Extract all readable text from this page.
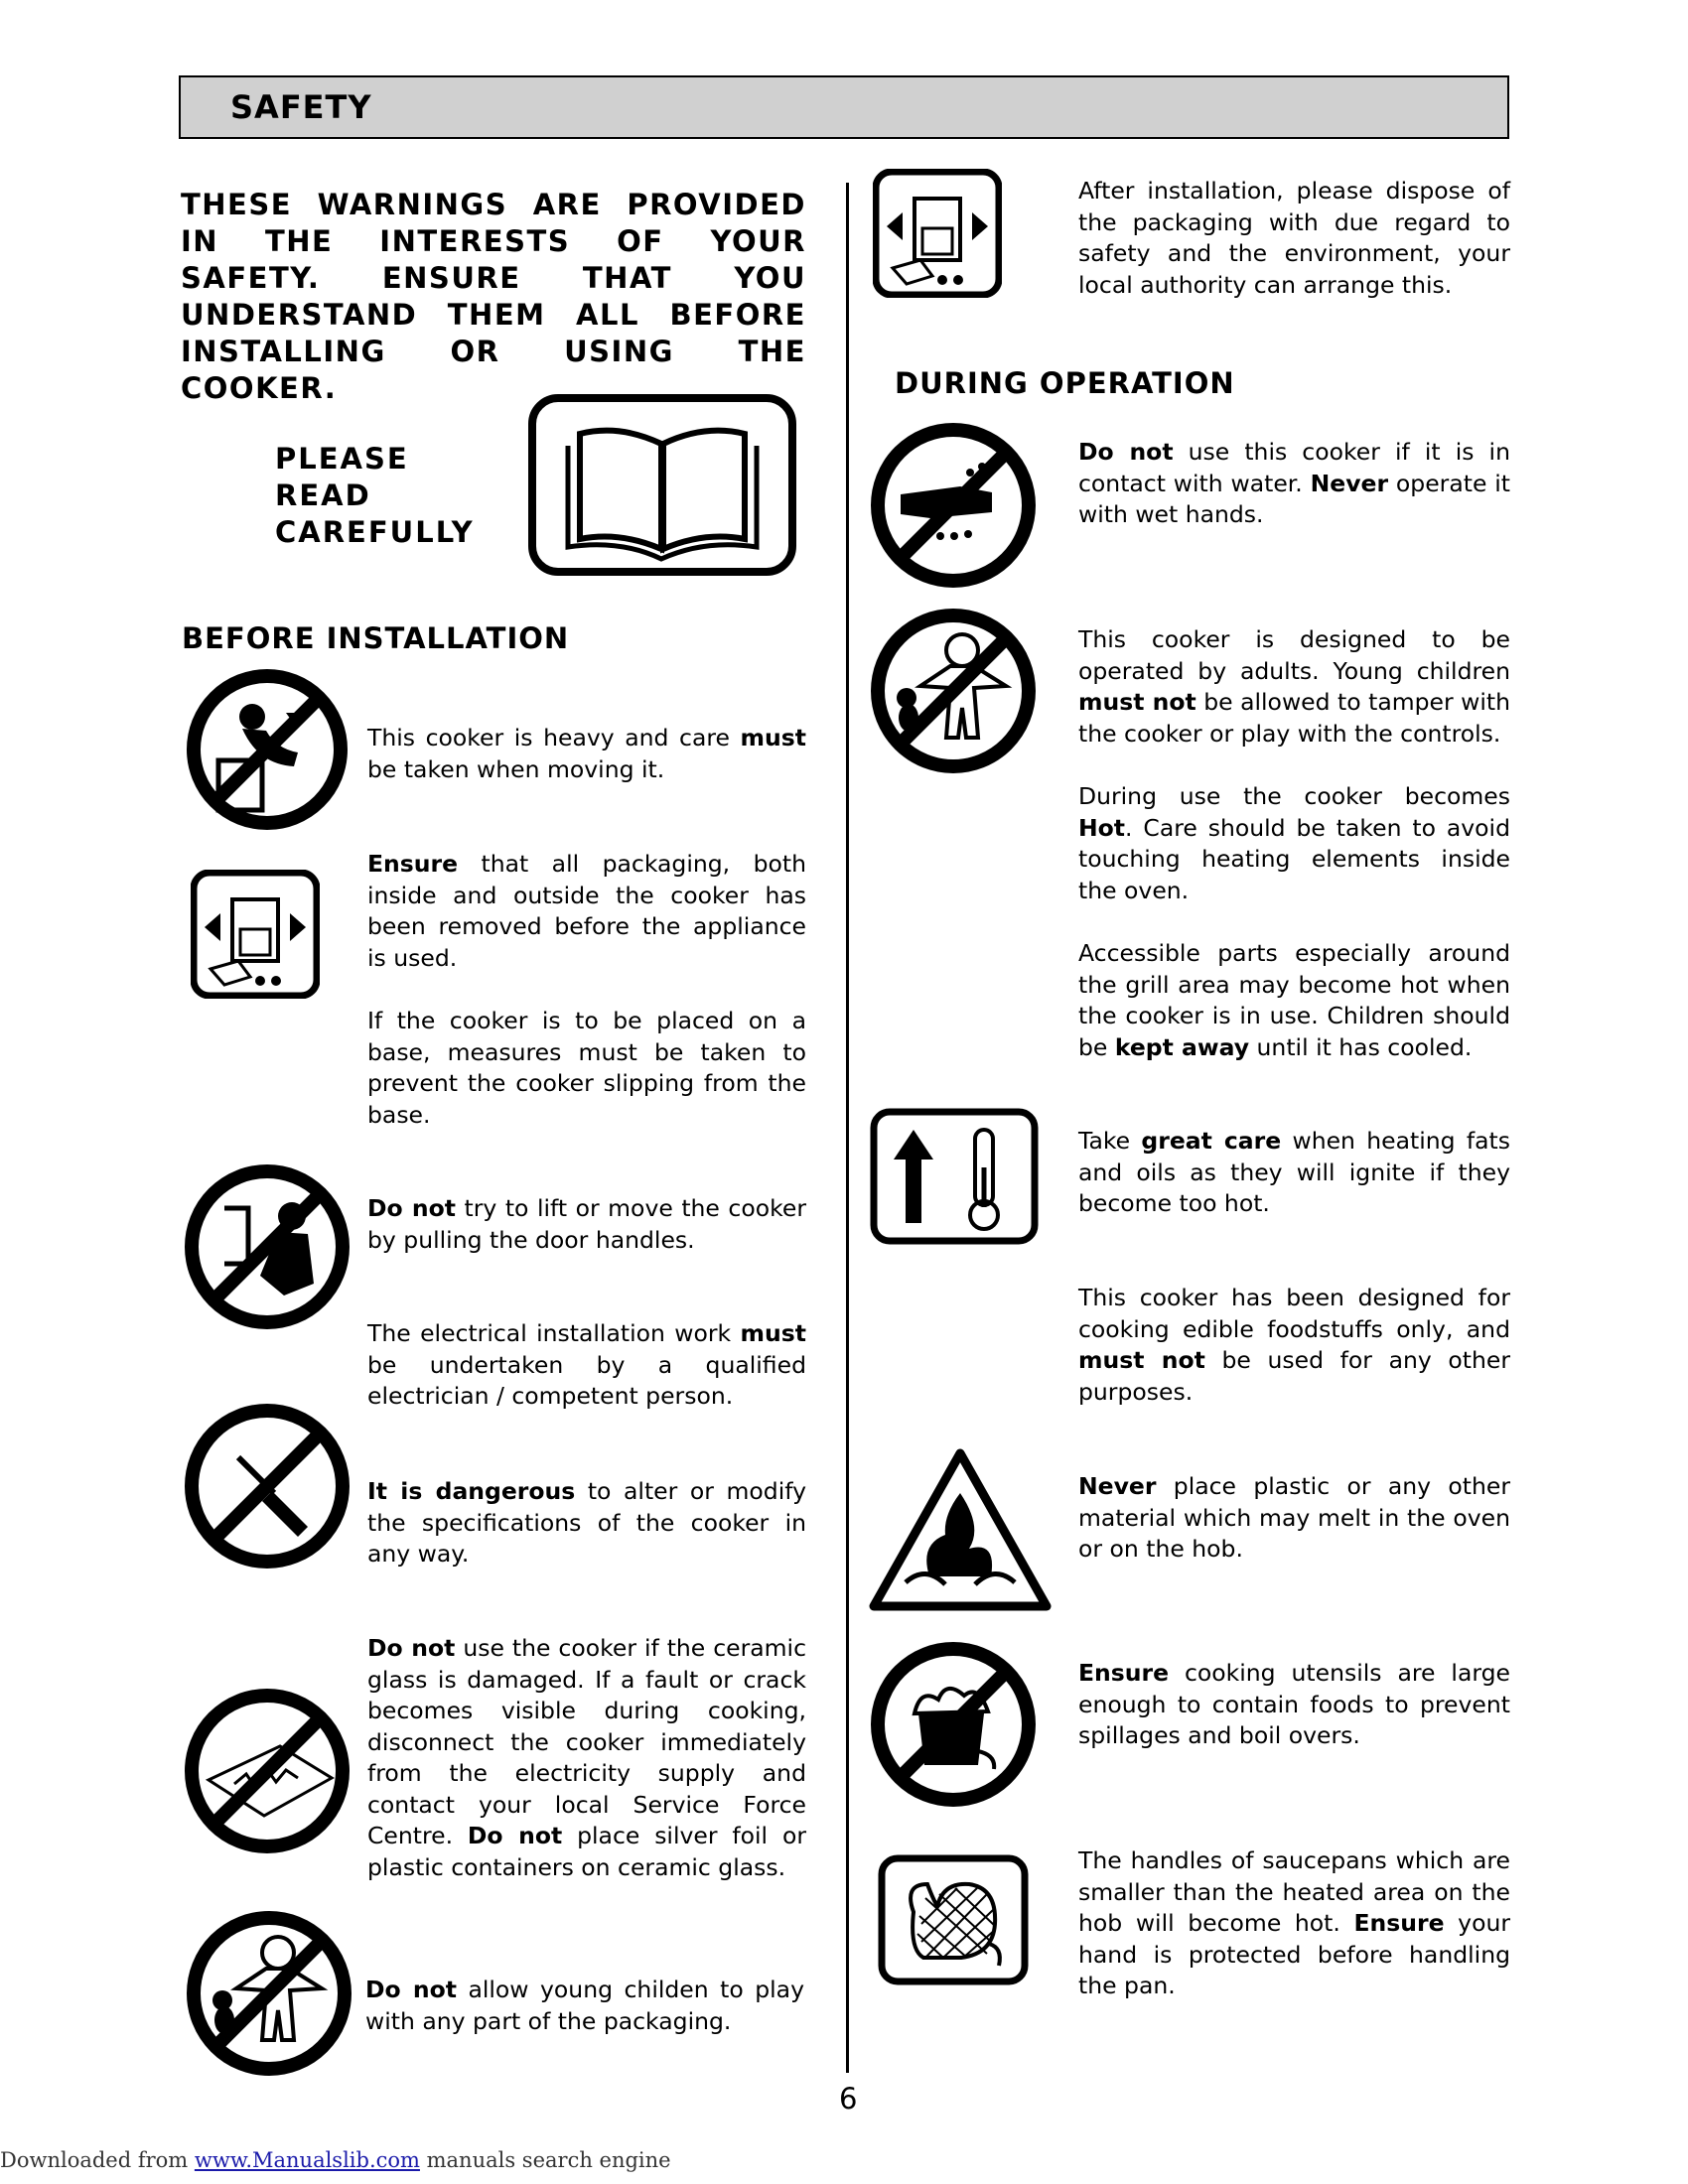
SAFETY
THESE WARNINGS ARE PROVIDED IN THE INTERESTS OF YOUR SAFETY. ENSURE THAT YOU UNDERSTAND THEM ALL BEFORE INSTALLING OR USING THE COOKER.
PLEASE
READ
CAREFULLY
BEFORE INSTALLATION
DURING OPERATION
This cooker is heavy and care must be taken when moving it.
Ensure that all packaging, both inside and outside the cooker has been removed before the appliance is used.
If the cooker is to be placed on a base, measures must be taken to prevent the cooker slipping from the base.
Do not try to lift or move the cooker by pulling the door handles.
The electrical installation work must be undertaken by a qualified electrician / competent person.
It is dangerous to alter or modify the specifications of the cooker in any way.
Do not use the cooker if the ceramic glass is damaged. If a fault or crack becomes visible during cooking, disconnect the cooker immediately from the electricity supply and contact your local Service Force Centre. Do not place silver foil or plastic containers on ceramic glass.
Do not allow young childen to play with any part of the packaging.
After installation, please dispose of the packaging with due regard to safety and the environment, your local authority can arrange this.
Do not use this cooker if it is in contact with water. Never operate it with wet hands.
This cooker is designed to be operated by adults. Young children must not be allowed to tamper with the cooker or play with the controls.
During use the cooker becomes Hot. Care should be taken to avoid touching heating elements inside the oven.
Accessible parts especially around the grill area may become hot when the cooker is in use. Children should be kept away until it has cooled.
Take great care when heating fats and oils as they will ignite if they become too hot.
This cooker has been designed for cooking edible foodstuffs only, and must not be used for any other purposes.
Never place plastic or any other material which may melt in the oven or on the hob.
Ensure cooking utensils are large enough to contain foods to prevent spillages and boil overs.
The handles of saucepans which are smaller than the heated area on the hob will become hot. Ensure your hand is protected before handling the pan.
6
Downloaded from www.Manualslib.com manuals search engine
